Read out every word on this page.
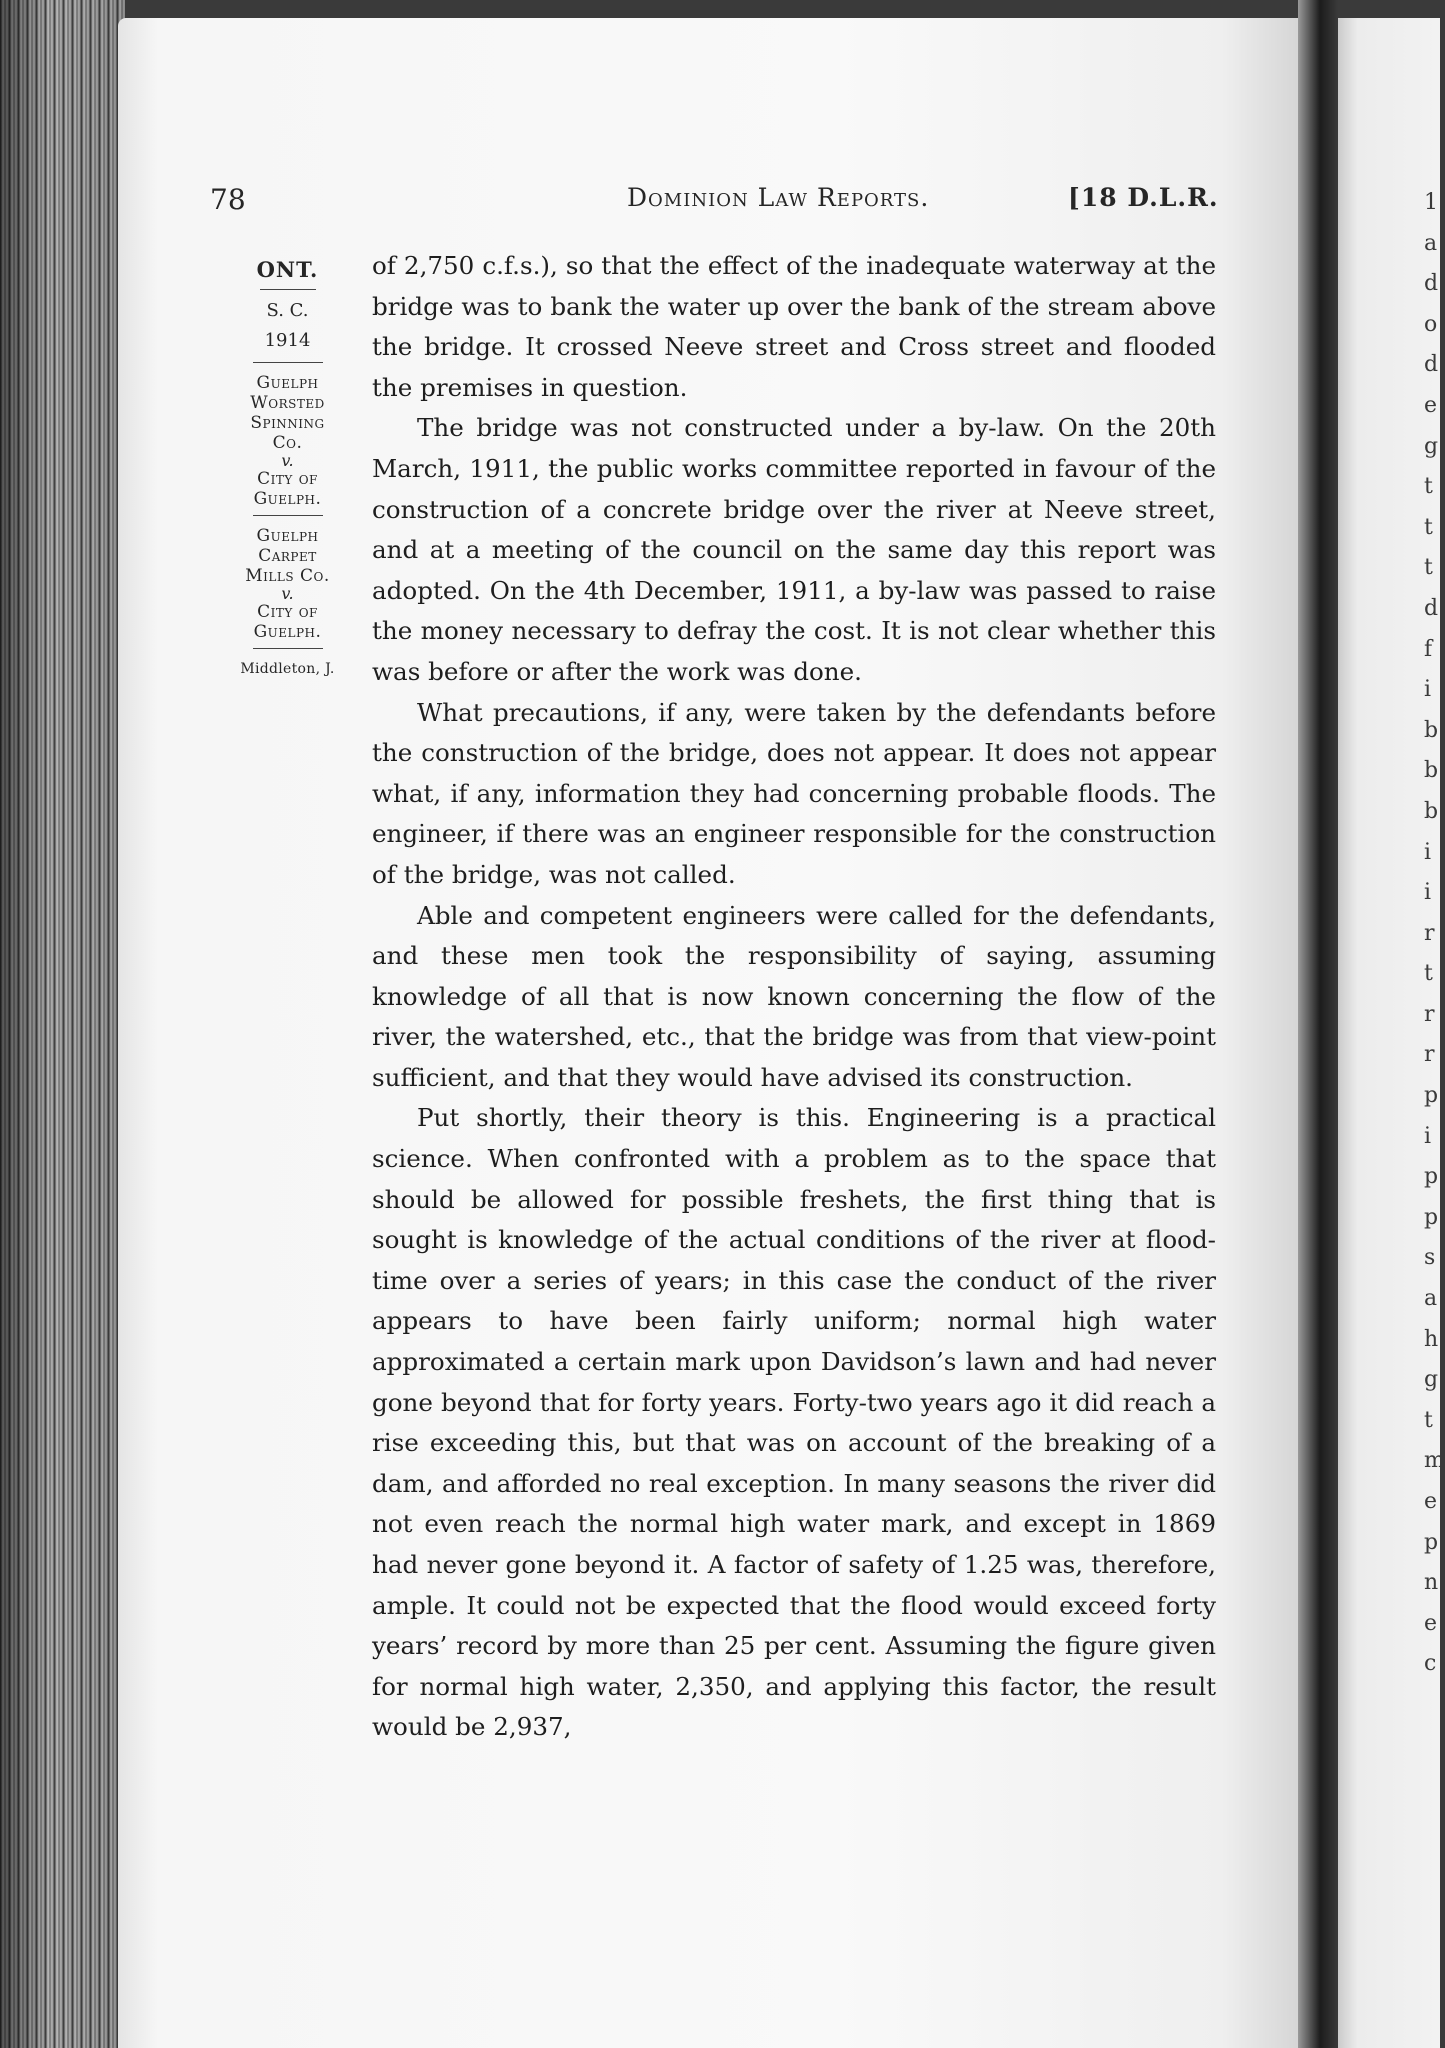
78	Dominion Law Reports.	[18 D.L.R.
ONT.
S. C.
1914
Guelph
Worsted
Spinning
Co.
v.
City of
Guelph.
Guelph
Carpet
Mills Co.
v.
City of
Guelph.
Middleton, J.

of 2,750 c.f.s.), so that the effect of the inadequate waterway at the bridge was to bank the water up over the bank of the stream above the bridge. It crossed Neeve street and Cross street and flooded the premises in question.

The bridge was not constructed under a by-law. On the 20th March, 1911, the public works committee reported in favour of the construction of a concrete bridge over the river at Neeve street, and at a meeting of the council on the same day this report was adopted. On the 4th December, 1911, a by-law was passed to raise the money necessary to defray the cost. It is not clear whether this was before or after the work was done.

What precautions, if any, were taken by the defendants before the construction of the bridge, does not appear. It does not appear what, if any, information they had concerning probable floods. The engineer, if there was an engineer responsible for the construction of the bridge, was not called.

Able and competent engineers were called for the defendants, and these men took the responsibility of saying, assuming knowledge of all that is now known concerning the flow of the river, the watershed, etc., that the bridge was from that view-point sufficient, and that they would have advised its construction.

Put shortly, their theory is this. Engineering is a practical science. When confronted with a problem as to the space that should be allowed for possible freshets, the first thing that is sought is knowledge of the actual conditions of the river at flood-time over a series of years; in this case the conduct of the river appears to have been fairly uniform; normal high water approximated a certain mark upon Davidson’s lawn and had never gone beyond that for forty years. Forty-two years ago it did reach a rise exceeding this, but that was on account of the breaking of a dam, and afforded no real exception. In many seasons the river did not even reach the normal high water mark, and except in 1869 had never gone beyond it. A factor of safety of 1.25 was, therefore, ample. It could not be expected that the flood would exceed forty years’ record by more than 25 per cent. Assuming the figure given for normal high water, 2,350, and applying this factor, the result would be 2,937,

1
a
d
o
d
e
g
t
t
t
d
f
i
b
b
b
i
i
r
t
r
r
p
i
p
p
s
a
h
g
t
m
e
p
n
e
c
